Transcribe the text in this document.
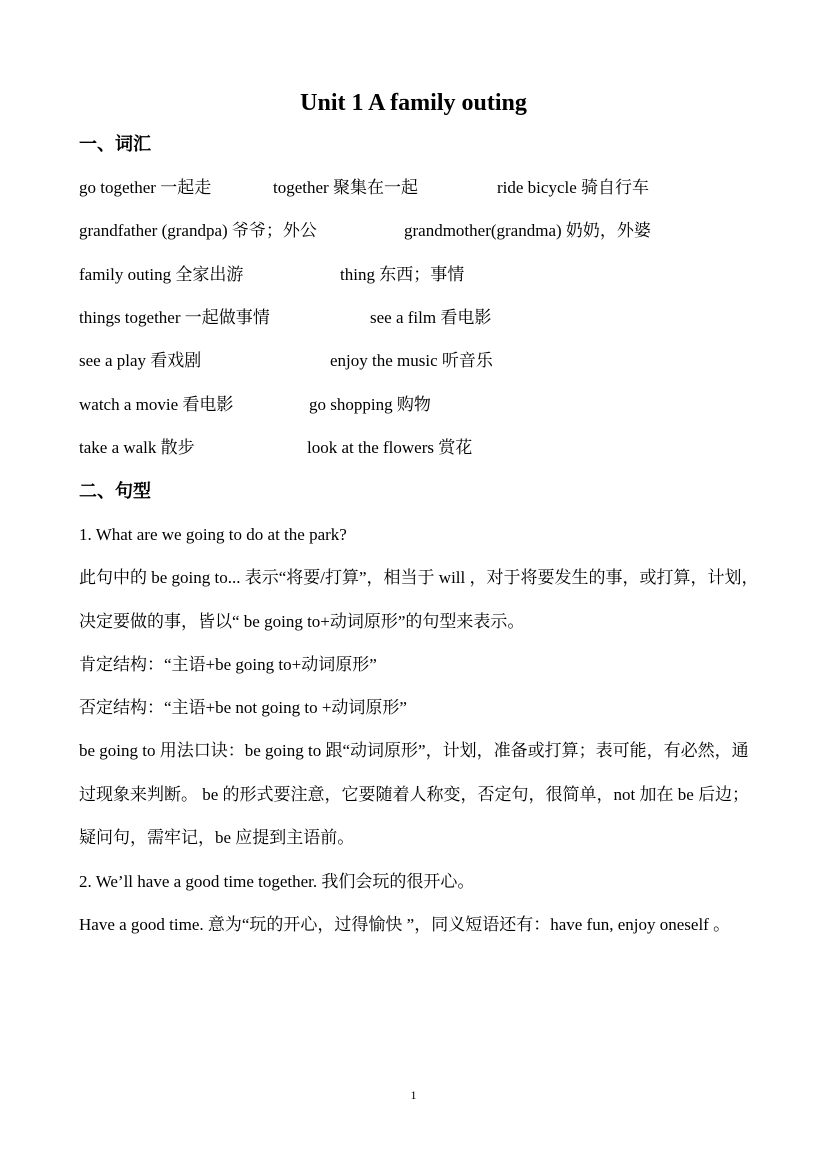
Unit 1 A family outing
一、词汇
go together 一起走	together 聚集在一起	ride bicycle 骑自行车
grandfather (grandpa) 爷爷；外公	grandmother(grandma) 奶奶，外婆
family outing 全家出游	thing 东西；事情
things together 一起做事情	see a film 看电影
see a play 看戏剧	enjoy the music 听音乐
watch a movie 看电影	go shopping 购物
take a walk 散步	look at the flowers 赏花
二、句型
1. What are we going to do at the park?
此句中的 be going to... 表示“将要/打算”，相当于 will ，对于将要发生的事，或打算，计划，决定要做的事，皆以“ be going to+动词原形”的句型来表示。
肯定结构：“主语+be going to+动词原形”
否定结构：“主语+be not going to +动词原形”
be going to 用法口诀：be going to 跟“动词原形”，计划，准备或打算；表可能，有必然，通过现象来判断。 be 的形式要注意，它要随着人称变，否定句，很简单，not 加在 be 后边；疑问句，需牢记，be 应提到主语前。
2. We’ll have a good time together. 我们会玩的很开心。
Have a good time. 意为“玩的开心，过得愉快 ”，同义短语还有：have fun, enjoy oneself 。
1
